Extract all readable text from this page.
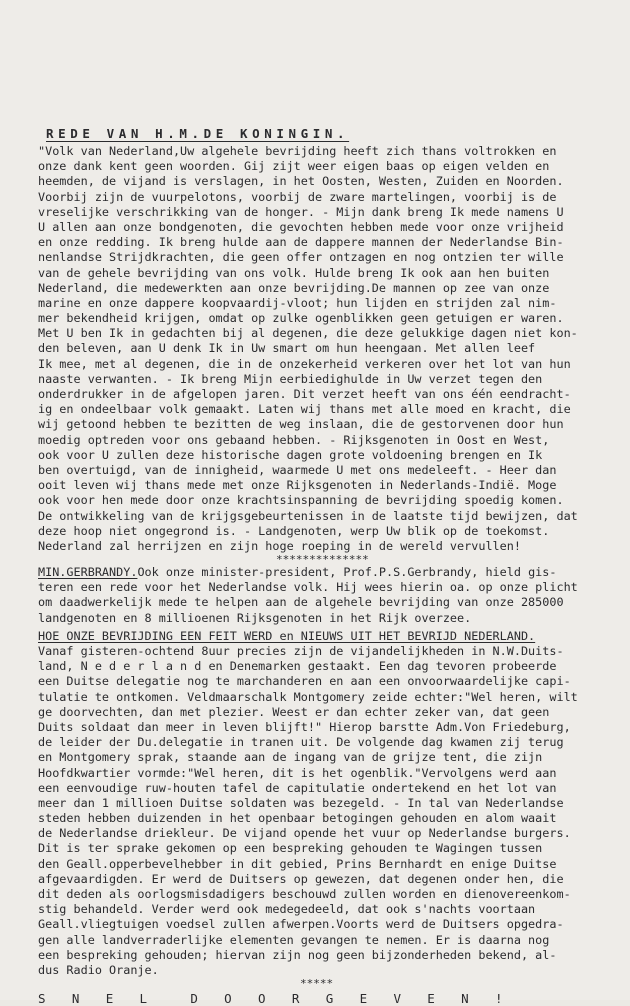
REDE VAN H.M.DE KONINGIN.
"Volk van Nederland,Uw algehele bevrijding heeft zich thans voltrokken en
onze dank kent geen woorden. Gij zijt weer eigen baas op eigen velden en
heemden, de vijand is verslagen, in het Oosten, Westen, Zuiden en Noorden.
Voorbij zijn de vuurpelotons, voorbij de zware martelingen, voorbij is de
vreselijke verschrikking van de honger. - Mijn dank breng Ik mede namens U
U allen aan onze bondgenoten, die gevochten hebben mede voor onze vrijheid
en onze redding. Ik breng hulde aan de dappere mannen der Nederlandse Bin-
nenlandse Strijdkrachten, die geen offer ontzagen en nog ontzien ter wille
van de gehele bevrijding van ons volk. Hulde breng Ik ook aan hen buiten
Nederland, die medewerkten aan onze bevrijding.De mannen op zee van onze
marine en onze dappere koopvaardij-vloot; hun lijden en strijden zal nim-
mer bekendheid krijgen, omdat op zulke ogenblikken geen getuigen er waren.
Met U ben Ik in gedachten bij al degenen, die deze gelukkige dagen niet kon-
den beleven, aan U denk Ik in Uw smart om hun heengaan. Met allen leef
Ik mee, met al degenen, die in de onzekerheid verkeren over het lot van hun
naaste verwanten. - Ik breng Mijn eerbiedighulde in Uw verzet tegen den
onderdrukker in de afgelopen jaren. Dit verzet heeft van ons één eendracht-
ig en ondeelbaar volk gemaakt. Laten wij thans met alle moed en kracht, die
wij getoond hebben te bezitten de weg inslaan, die de gestorvenen door hun
moedig optreden voor ons gebaand hebben. - Rijksgenoten in Oost en West,
ook voor U zullen deze historische dagen grote voldoening brengen en Ik
ben overtuigd, van de innigheid, waarmede U met ons medeleeft. - Heer dan
ooit leven wij thans mede met onze Rijksgenoten in Nederlands-Indië. Moge
ook voor hen mede door onze krachtsinspanning de bevrijding spoedig komen.
De ontwikkeling van de krijgsgebeurtenissen in de laatste tijd bewijzen, dat
deze hoop niet ongegrond is. - Landgenoten, werp Uw blik op de toekomst.
Nederland zal herrijzen en zijn hoge roeping in de wereld vervullen!
**************
MIN.GERBRANDY.Ook onze minister-president, Prof.P.S.Gerbrandy, hield gis-
teren een rede voor het Nederlandse volk. Hij wees hierin oa. op onze plicht
om daadwerkelijk mede te helpen aan de algehele bevrijding van onze 285000
landgenoten en 8 millioenen Rijksgenoten in het Rijk overzee.
HOE ONZE BEVRIJDING EEN FEIT WERD en NIEUWS UIT HET BEVRIJD NEDERLAND.
Vanaf gisteren-ochtend 8uur precies zijn de vijandelijkheden in N.W.Duits-
land, N e d e r l a n d en Denemarken gestaakt. Een dag tevoren probeerde
een Duitse delegatie nog te marchanderen en aan een onvoorwaardelijke capi-
tulatie te ontkomen. Veldmaarschalk Montgomery zeide echter:"Wel heren, wilt
ge doorvechten, dan met plezier. Weest er dan echter zeker van, dat geen
Duits soldaat dan meer in leven blijft!" Hierop barstte Adm.Von Friedeburg,
de leider der Du.delegatie in tranen uit. De volgende dag kwamen zij terug
en Montgomery sprak, staande aan de ingang van de grijze tent, die zijn
Hoofdkwartier vormde:"Wel heren, dit is het ogenblik."Vervolgens werd aan
een eenvoudige ruw-houten tafel de capitulatie ondertekend en het lot van
meer dan 1 millioen Duitse soldaten was bezegeld. - In tal van Nederlandse
steden hebben duizenden in het openbaar betogingen gehouden en alom waait
de Nederlandse driekleur. De vijand opende het vuur op Nederlandse burgers.
Dit is ter sprake gekomen op een bespreking gehouden te Wagingen tussen
den Geall.opperbevelhebber in dit gebied, Prins Bernhardt en enige Duitse
afgevaardigden. Er werd de Duitsers op gewezen, dat degenen onder hen, die
dit deden als oorlogsmisdadigers beschouwd zullen worden en dienovereenkom-
stig behandeld. Verder werd ook medegedeeld, dat ook s'nachts voortaan
Geall.vliegtuigen voedsel zullen afwerpen.Voorts werd de Duitsers opgedra-
gen alle landverraderlijke elementen gevangen te nemen. Er is daarna nog
een bespreking gehouden; hiervan zijn nog geen bijzonderheden bekend, al-
dus Radio Oranje.
*****
S N E L  D O O R G E V E N !
